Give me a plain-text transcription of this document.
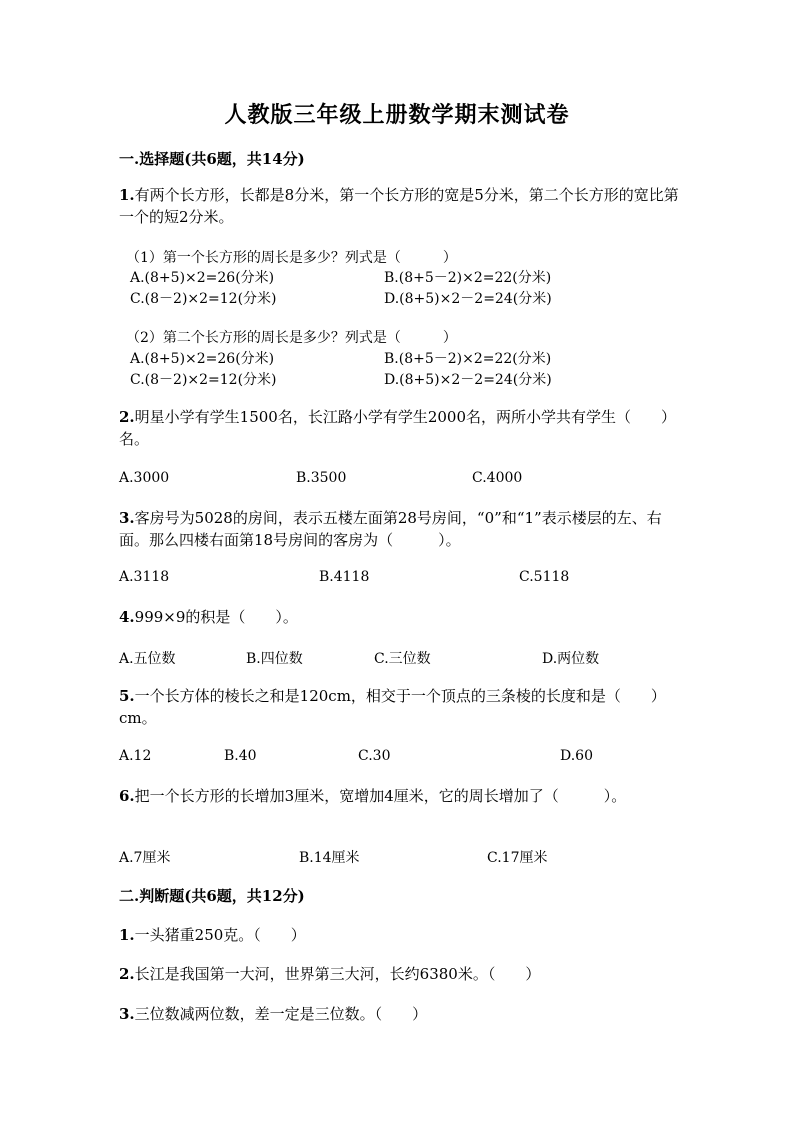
人教版三年级上册数学期末测试卷
一.选择题(共6题，共14分)
1.有两个长方形，长都是8分米，第一个长方形的宽是5分米，第二个长方形的宽比第一个的短2分米。
（1）第一个长方形的周长是多少？列式是（　　　）
A.(8+5)×2=26(分米)	B.(8+5－2)×2=22(分米)
C.(8－2)×2=12(分米)	D.(8+5)×2－2=24(分米)
（2）第二个长方形的周长是多少？列式是（　　　）
A.(8+5)×2=26(分米)	B.(8+5－2)×2=22(分米)
C.(8－2)×2=12(分米)	D.(8+5)×2－2=24(分米)
2.明星小学有学生1500名，长江路小学有学生2000名，两所小学共有学生（　　）名。
A.3000	B.3500	C.4000
3.客房号为5028的房间，表示五楼左面第28号房间，“0”和“1”表示楼层的左、右面。那么四楼右面第18号房间的客房为（　　　）。
A.3118	B.4118	C.5118
4.999×9的积是（　　）。
A.五位数	B.四位数	C.三位数	D.两位数
5.一个长方体的棱长之和是120cm，相交于一个顶点的三条棱的长度和是（　　）cm。
A.12	B.40	C.30	D.60
6.把一个长方形的长增加3厘米，宽增加4厘米，它的周长增加了（　　　）。
A.7厘米	B.14厘米	C.17厘米
二.判断题(共6题，共12分)
1.一头猪重250克。（　　）
2.长江是我国第一大河，世界第三大河，长约6380米。（　　）
3.三位数减两位数，差一定是三位数。（　　）
